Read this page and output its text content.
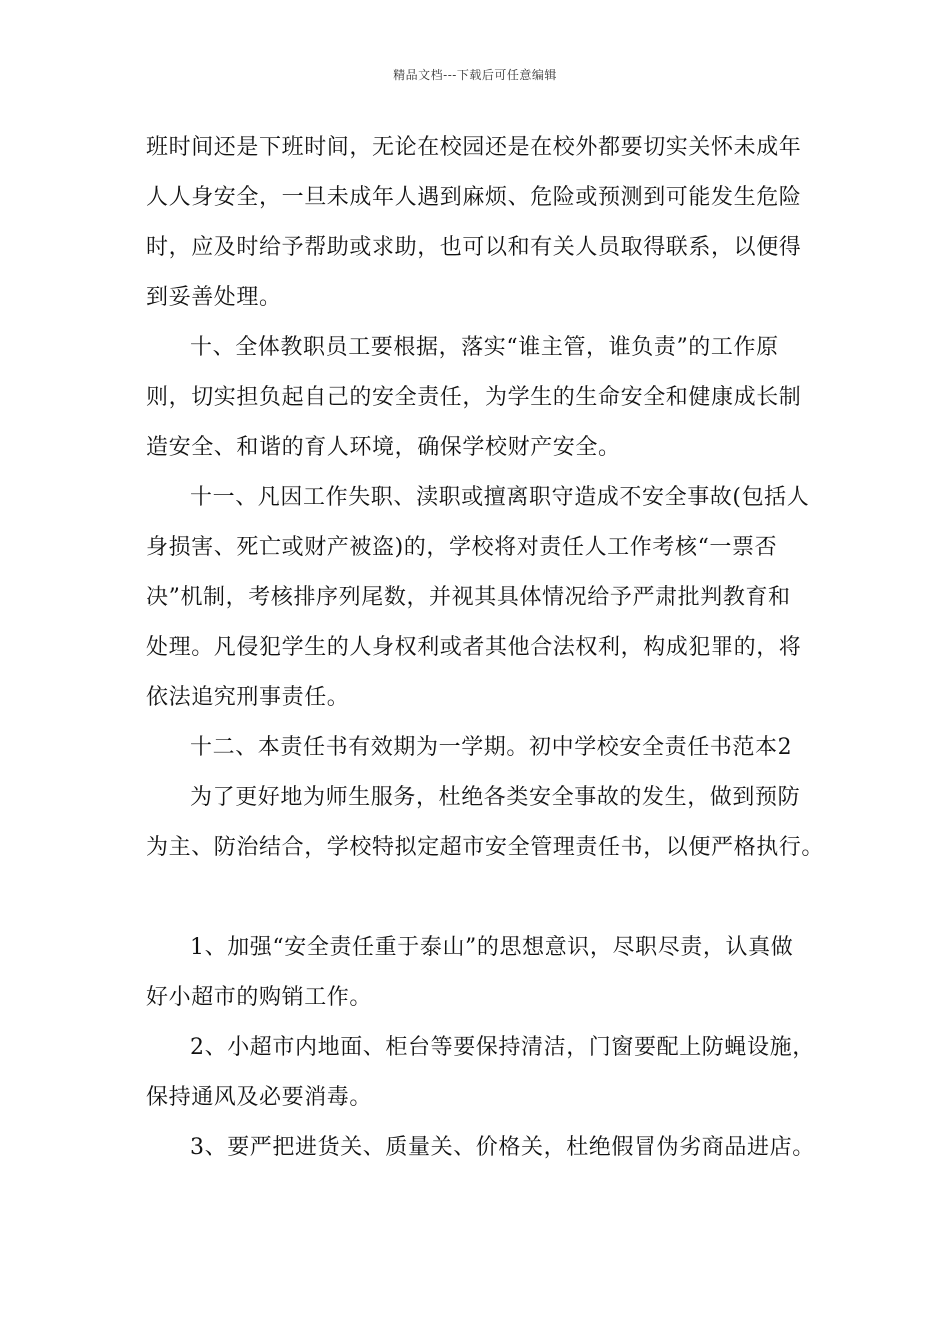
精品文档---下载后可任意编辑
班时间还是下班时间，无论在校园还是在校外都要切实关怀未成年
人人身安全，一旦未成年人遇到麻烦、危险或预测到可能发生危险
时，应及时给予帮助或求助，也可以和有关人员取得联系，以便得
到妥善处理。
十、全体教职员工要根据，落实“谁主管，谁负责”的工作原
则，切实担负起自己的安全责任，为学生的生命安全和健康成长制
造安全、和谐的育人环境，确保学校财产安全。
十一、凡因工作失职、渎职或擅离职守造成不安全事故(包括人
身损害、死亡或财产被盗)的，学校将对责任人工作考核“一票否
决”机制，考核排序列尾数，并视其具体情况给予严肃批判教育和
处理。凡侵犯学生的人身权利或者其他合法权利，构成犯罪的，将
依法追究刑事责任。
十二、本责任书有效期为一学期。初中学校安全责任书范本2
为了更好地为师生服务，杜绝各类安全事故的发生，做到预防
为主、防治结合，学校特拟定超市安全管理责任书，以便严格执行。
1、加强“安全责任重于泰山”的思想意识，尽职尽责，认真做
好小超市的购销工作。
2、小超市内地面、柜台等要保持清洁，门窗要配上防蝇设施，
保持通风及必要消毒。
3、要严把进货关、质量关、价格关，杜绝假冒伪劣商品进店。
